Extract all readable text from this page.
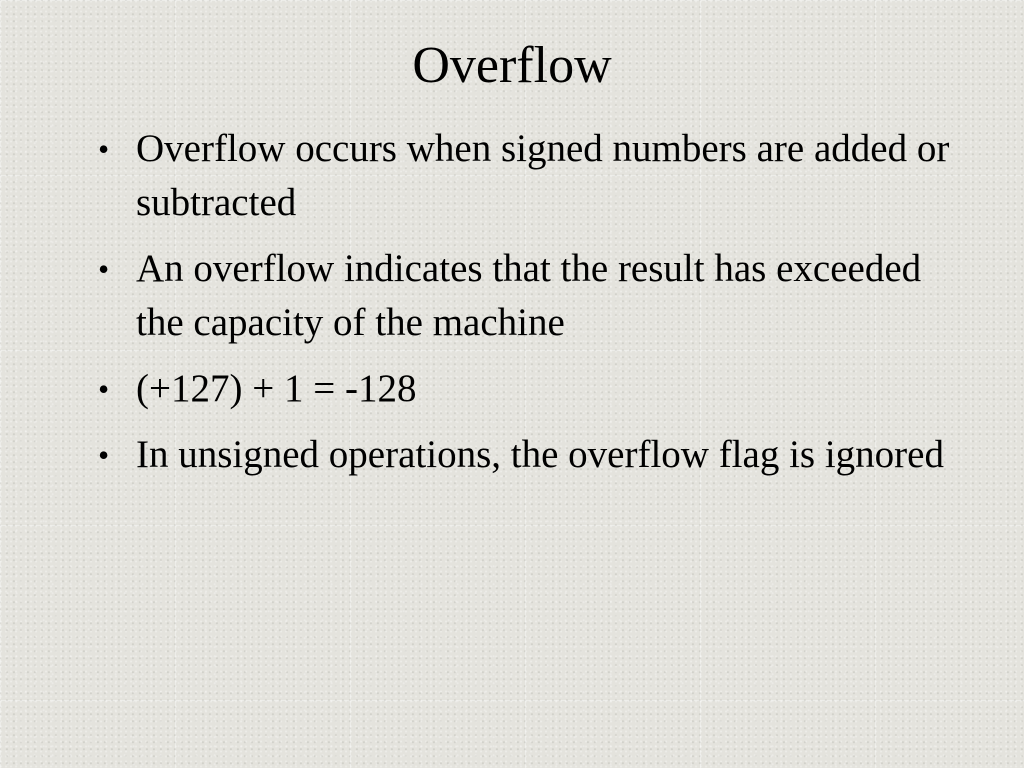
Overflow
• Overflow occurs when signed numbers are added or subtracted
• An overflow indicates that the result has exceeded the capacity of the machine
• (+127) + 1 = -128
• In unsigned operations, the overflow flag is ignored
